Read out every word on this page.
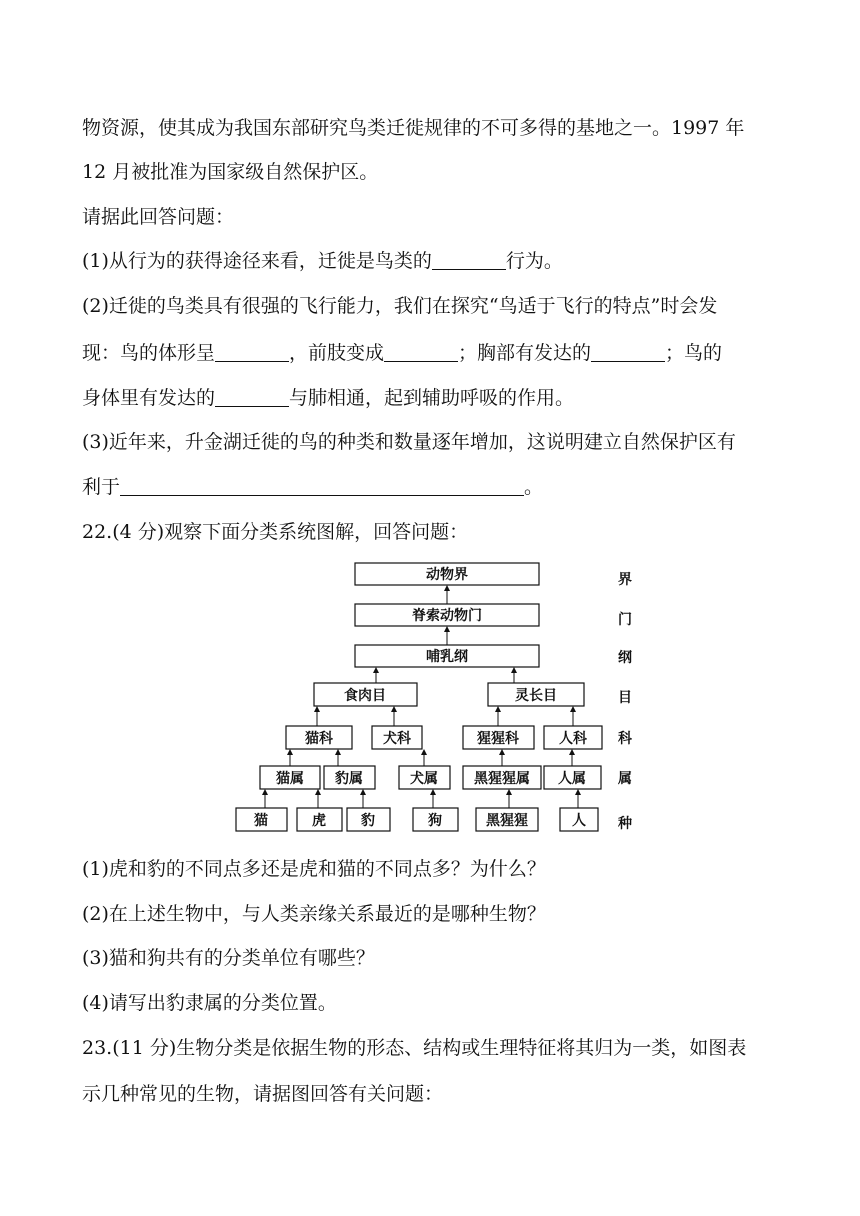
物资源，使其成为我国东部研究鸟类迁徙规律的不可多得的基地之一。1997 年
12 月被批准为国家级自然保护区。
请据此回答问题：
(1)从行为的获得途径来看，迁徙是鸟类的	行为。
(2)迁徙的鸟类具有很强的飞行能力，我们在探究“鸟适于飞行的特点”时会发
现：鸟的体形呈	，前肢变成	；胸部有发达的	；鸟的
身体里有发达的	与肺相通，起到辅助呼吸的作用。
(3)近年来，升金湖迁徙的鸟的种类和数量逐年增加，这说明建立自然保护区有
利于	。
22.(4 分)观察下面分类系统图解，回答问题：
动物界
脊索动物门
哺乳纲
食肉目	灵长目
猫科	犬科	猩猩科	人科
猫属 豹属	犬属	黑猩猩属 人属
猫	虎	豹	狗	黑猩猩	人
界
门
纲
目
科
属
种
(1)虎和豹的不同点多还是虎和猫的不同点多？为什么？
(2)在上述生物中，与人类亲缘关系最近的是哪种生物？
(3)猫和狗共有的分类单位有哪些？
(4)请写出豹隶属的分类位置。
23.(11 分)生物分类是依据生物的形态、结构或生理特征将其归为一类，如图表
示几种常见的生物，请据图回答有关问题：
